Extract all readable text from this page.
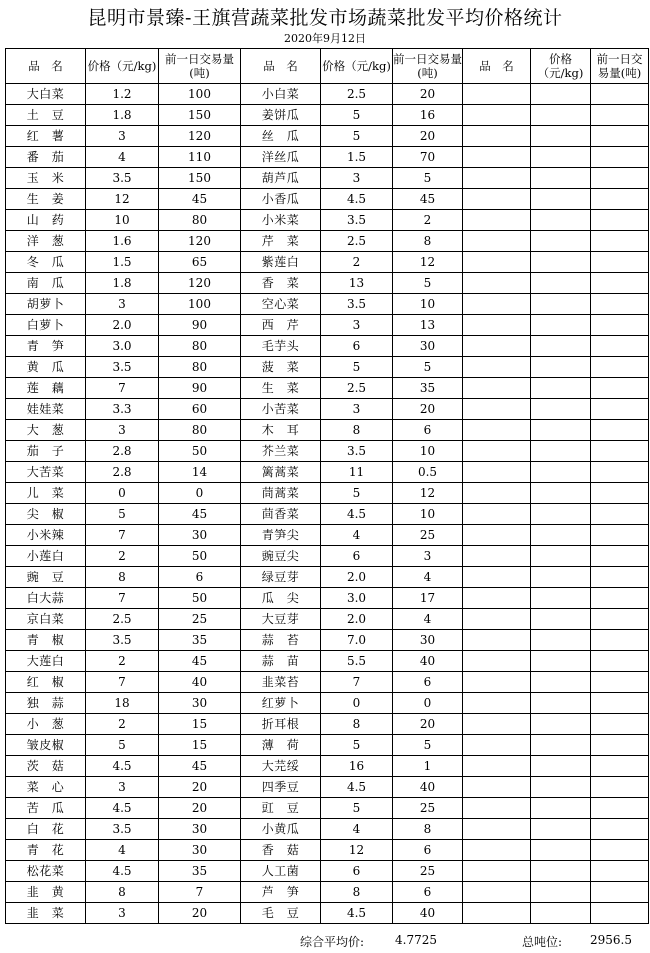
昆明市景臻-王旗营蔬菜批发市场蔬菜批发平均价格统计
2020年9月12日
品　名	价格（元/kg)	前一日交易量(吨)	品　名	价格（元/kg)	前一日交易量(吨)	品　名	价格（元/kg)	前一日交易量(吨)

大白菜	1.2	100	小白菜	2.5	20			
土　豆	1.8	150	姜饼瓜	5	16			
红　薯	3	120	丝　瓜	5	20			
番　茄	4	110	洋丝瓜	1.5	70			
玉　米	3.5	150	葫芦瓜	3	5			
生　姜	12	45	小香瓜	4.5	45			
山　药	10	80	小米菜	3.5	2			
洋　葱	1.6	120	芹　菜	2.5	8			
冬　瓜	1.5	65	紫莲白	2	12			
南　瓜	1.8	120	香　菜	13	5			
胡萝卜	3	100	空心菜	3.5	10			
白萝卜	2.0	90	西　芹	3	13			
青　笋	3.0	80	毛芋头	6	30			
黄　瓜	3.5	80	菠　菜	5	5			
莲　藕	7	90	生　菜	2.5	35			
娃娃菜	3.3	60	小苦菜	3	20			
大　葱	3	80	木　耳	8	6			
茄　子	2.8	50	芥兰菜	3.5	10			
大苦菜	2.8	14	篱蒿菜	11	0.5			
儿　菜	0	0	茼蒿菜	5	12			
尖　椒	5	45	茴香菜	4.5	10			
小米辣	7	30	青笋尖	4	25			
小莲白	2	50	豌豆尖	6	3			
豌　豆	8	6	绿豆芽	2.0	4			
白大蒜	7	50	瓜　尖	3.0	17			
京白菜	2.5	25	大豆芽	2.0	4			
青　椒	3.5	35	蒜　苔	7.0	30			
大莲白	2	45	蒜　苗	5.5	40			
红　椒	7	40	韭菜苔	7	6			
独　蒜	18	30	红萝卜	0	0			
小　葱	2	15	折耳根	8	20			
皱皮椒	5	15	薄　荷	5	5			
茨　菇	4.5	45	大芫绥	16	1			
菜　心	3	20	四季豆	4.5	40			
苦　瓜	4.5	20	豇　豆	5	25			
白　花	3.5	30	小黄瓜	4	8			
青　花	4	30	香　菇	12	6			
松花菜	4.5	35	人工菌	6	25			
韭　黄	8	7	芦　笋	8	6			
韭　菜	3	20	毛　豆	4.5	40			
综合平均价:	4.7725	总吨位: 2956.5
